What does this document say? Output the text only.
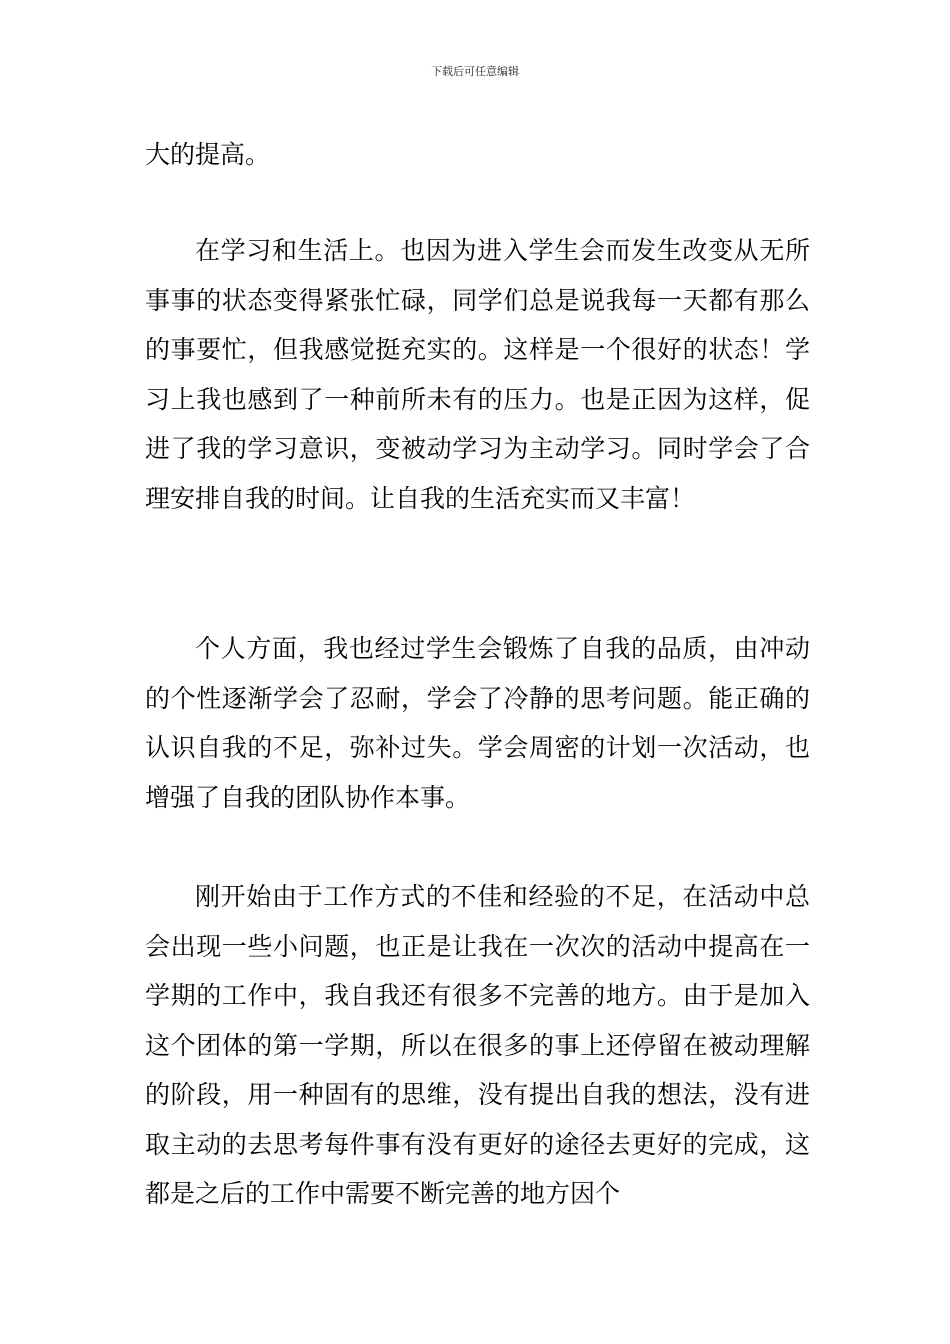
下载后可任意编辑

大的提高。

在学习和生活上。也因为进入学生会而发生改变从无所事事的状态变得紧张忙碌，同学们总是说我每一天都有那么的事要忙，但我感觉挺充实的。这样是一个很好的状态！学习上我也感到了一种前所未有的压力。也是正因为这样，促进了我的学习意识，变被动学习为主动学习。同时学会了合理安排自我的时间。让自我的生活充实而又丰富！

个人方面，我也经过学生会锻炼了自我的品质，由冲动的个性逐渐学会了忍耐，学会了冷静的思考问题。能正确的认识自我的不足，弥补过失。学会周密的计划一次活动，也增强了自我的团队协作本事。

刚开始由于工作方式的不佳和经验的不足，在活动中总会出现一些小问题，也正是让我在一次次的活动中提高在一学期的工作中，我自我还有很多不完善的地方。由于是加入这个团体的第一学期，所以在很多的事上还停留在被动理解的阶段，用一种固有的思维，没有提出自我的想法，没有进取主动的去思考每件事有没有更好的途径去更好的完成，这都是之后的工作中需要不断完善的地方因个
